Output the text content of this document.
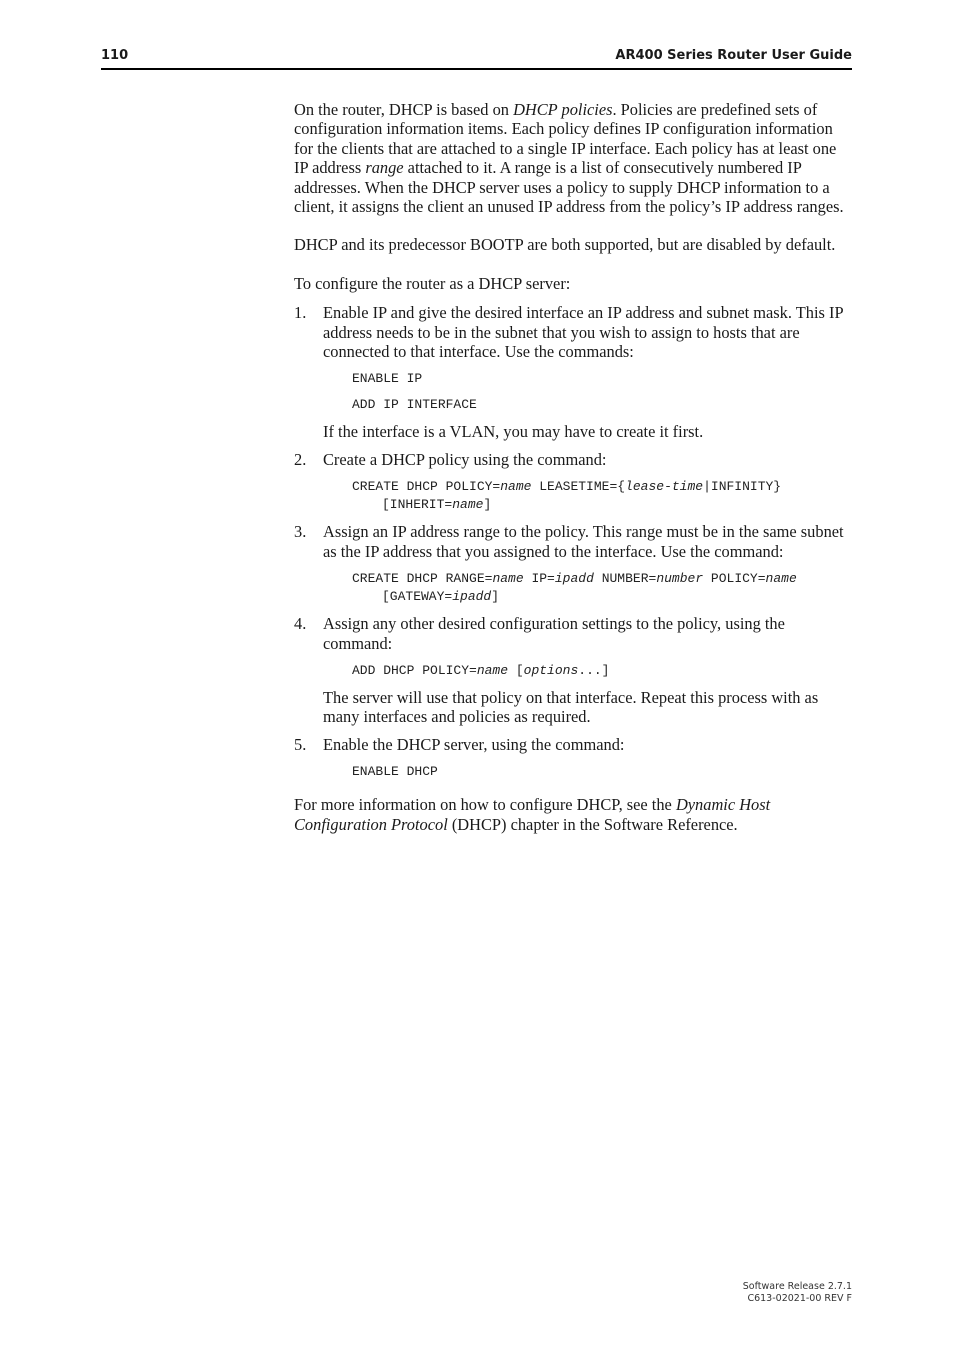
110	AR400 Series Router User Guide

On the router, DHCP is based on DHCP policies. Policies are predefined sets of configuration information items. Each policy defines IP configuration information for the clients that are attached to a single IP interface. Each policy has at least one IP address range attached to it. A range is a list of consecutively numbered IP addresses. When the DHCP server uses a policy to supply DHCP information to a client, it assigns the client an unused IP address from the policy’s IP address ranges.

DHCP and its predecessor BOOTP are both supported, but are disabled by default.

To configure the router as a DHCP server:

1. Enable IP and give the desired interface an IP address and subnet mask. This IP address needs to be in the subnet that you wish to assign to hosts that are connected to that interface. Use the commands:
ENABLE IP
ADD IP INTERFACE
If the interface is a VLAN, you may have to create it first.
2. Create a DHCP policy using the command:
CREATE DHCP POLICY=name LEASETIME={lease-time|INFINITY} [INHERIT=name]
3. Assign an IP address range to the policy. This range must be in the same subnet as the IP address that you assigned to the interface. Use the command:
CREATE DHCP RANGE=name IP=ipadd NUMBER=number POLICY=name [GATEWAY=ipadd]
4. Assign any other desired configuration settings to the policy, using the command:
ADD DHCP POLICY=name [options...]
The server will use that policy on that interface. Repeat this process with as many interfaces and policies as required.
5. Enable the DHCP server, using the command:
ENABLE DHCP

For more information on how to configure DHCP, see the Dynamic Host Configuration Protocol (DHCP) chapter in the Software Reference.

Software Release 2.7.1
C613-02021-00 REV F
